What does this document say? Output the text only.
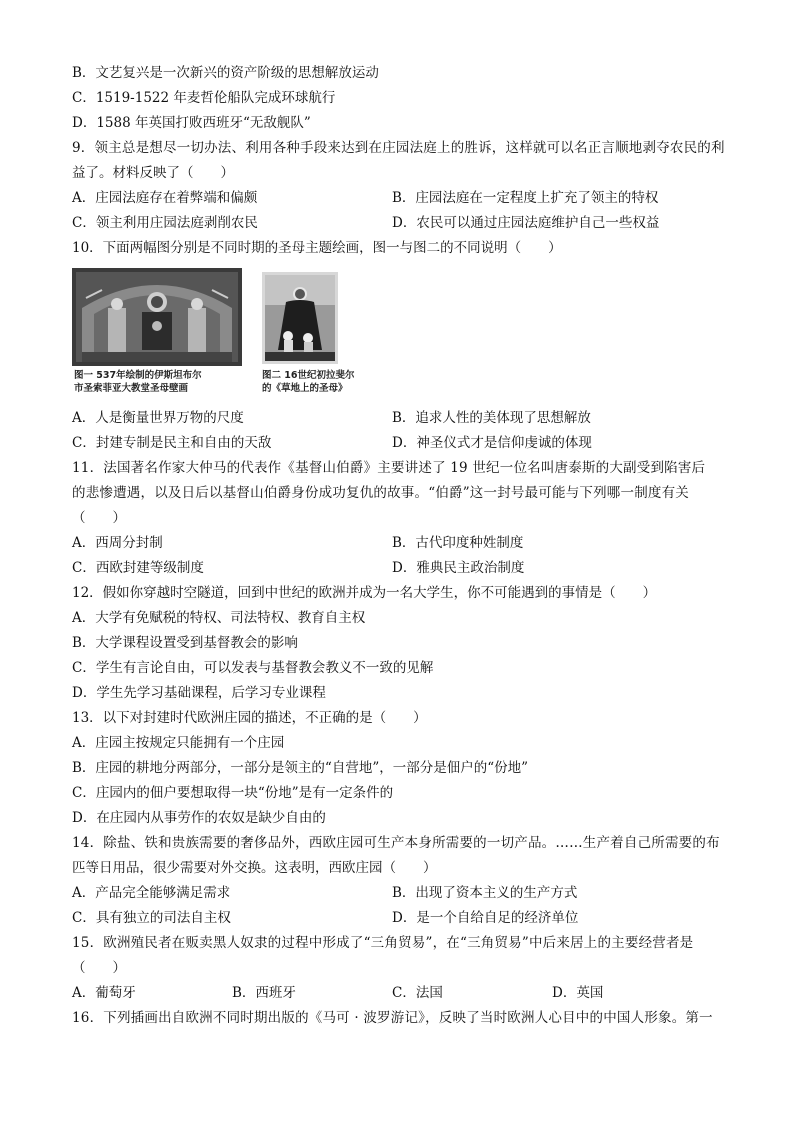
B．文艺复兴是一次新兴的资产阶级的思想解放运动
C．1519-1522 年麦哲伦船队完成环球航行
D．1588 年英国打败西班牙“无敌舰队”
9．领主总是想尽一切办法、利用各种手段来达到在庄园法庭上的胜诉，这样就可以名正言顺地剥夺农民的利
益了。材料反映了（　　）
A．庄园法庭存在着弊端和偏颇	B．庄园法庭在一定程度上扩充了领主的特权
C．领主利用庄园法庭剥削农民	D．农民可以通过庄园法庭维护自己一些权益
10．下面两幅图分别是不同时期的圣母主题绘画，图一与图二的不同说明（　　）
图一 537年绘制的伊斯坦布尔
市圣索菲亚大教堂圣母壁画
图二 16世纪初拉斐尔
的《草地上的圣母》
A．人是衡量世界万物的尺度	B．追求人性的美体现了思想解放
C．封建专制是民主和自由的天敌	D．神圣仪式才是信仰虔诚的体现
11．法国著名作家大仲马的代表作《基督山伯爵》主要讲述了 19 世纪一位名叫唐泰斯的大副受到陷害后
的悲惨遭遇，以及日后以基督山伯爵身份成功复仇的故事。“伯爵”这一封号最可能与下列哪一制度有关
（　　）
A．西周分封制	B．古代印度种姓制度
C．西欧封建等级制度	D．雅典民主政治制度
12．假如你穿越时空隧道，回到中世纪的欧洲并成为一名大学生，你不可能遇到的事情是（　　）
A．大学有免赋税的特权、司法特权、教育自主权
B．大学课程设置受到基督教会的影响
C．学生有言论自由，可以发表与基督教会教义不一致的见解
D．学生先学习基础课程，后学习专业课程
13．以下对封建时代欧洲庄园的描述，不正确的是（　　）
A．庄园主按规定只能拥有一个庄园
B．庄园的耕地分两部分，一部分是领主的“自营地”，一部分是佃户的“份地”
C．庄园内的佃户要想取得一块“份地”是有一定条件的
D．在庄园内从事劳作的农奴是缺少自由的
14．除盐、铁和贵族需要的奢侈品外，西欧庄园可生产本身所需要的一切产品。……生产着自己所需要的布
匹等日用品，很少需要对外交换。这表明，西欧庄园（　　）
A．产品完全能够满足需求	B．出现了资本主义的生产方式
C．具有独立的司法自主权	D．是一个自给自足的经济单位
15．欧洲殖民者在贩卖黑人奴隶的过程中形成了“三角贸易”，在“三角贸易”中后来居上的主要经营者是
（　　）
A．葡萄牙	B．西班牙	C．法国	D．英国
16．下列插画出自欧洲不同时期出版的《马可 · 波罗游记》，反映了当时欧洲人心目中的中国人形象。第一
